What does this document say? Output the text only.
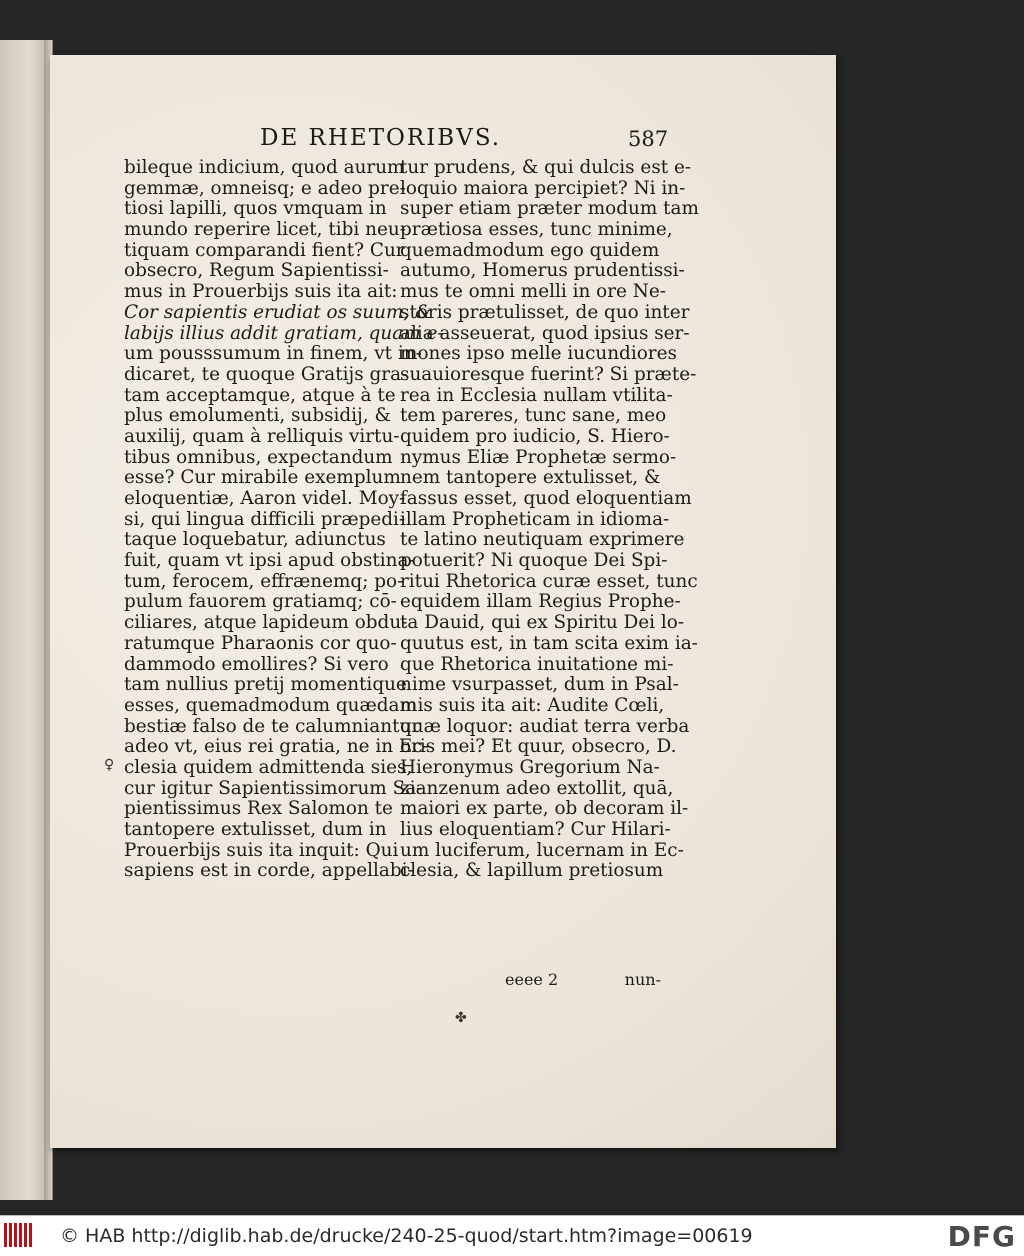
DE RHETORIBVS.	587
bileque indicium, quod aurum
gemmæ, omneisq; e adeo pre-
tiosi lapilli, quos vmquam in
mundo reperire licet, tibi neu-
tiquam comparandi fient? Cur
obsecro, Regum Sapientissi-
mus in Prouerbijs suis ita ait:
Cor sapientis erudiat os suum, &
labijs illius addit gratiam, quam e-
um pousssumum in finem, vt in-
dicaret, te quoque Gratijs gra-
tam acceptamque, atque à te
plus emolumenti, subsidij, &
auxilij, quam à relliquis virtu-
tibus omnibus, expectandum
esse? Cur mirabile exemplum
eloquentiæ, Aaron videl. Moy-
si, qui lingua difficili præpedi-
taque loquebatur, adiunctus
fuit, quam vt ipsi apud obstina-
tum, ferocem, effrænemq; po-
pulum fauorem gratiamq; cō-
ciliares, atque lapideum obdu-
ratumque Pharaonis cor quo-
dammodo emollires? Si vero
tam nullius pretij momentique
esses, quemadmodum quædam
bestiæ falso de te calumniantur
adeo vt, eius rei gratia, ne in Ec-
clesia quidem admittenda sies,
cur igitur Sapientissimorum Sa-
pientissimus Rex Salomon te
tantopere extulisset, dum in
Prouerbijs suis ita inquit: Qui
sapiens est in corde, appellabi-
tur prudens, & qui dulcis est e-
loquio maiora percipiet? Ni in-
super etiam præter modum tam
prætiosa esses, tunc minime,
quemadmodum ego quidem
autumo, Homerus prudentissi-
mus te omni melli in ore Ne-
storis prætulisset, de quo inter
alia asseuerat, quod ipsius ser-
mones ipso melle iucundiores
suauioresque fuerint? Si præte-
rea in Ecclesia nullam vtilita-
tem pareres, tunc sane, meo
quidem pro iudicio, S. Hiero-
nymus Eliæ Prophetæ sermo-
nem tantopere extulisset, &
fassus esset, quod eloquentiam
illam Propheticam in idioma-
te latino neutiquam exprimere
potuerit? Ni quoque Dei Spi-
ritui Rhetorica curæ esset, tunc
equidem illam Regius Prophe-
ta Dauid, qui ex Spiritu Dei lo-
quutus est, in tam scita exim ia-
que Rhetorica inuitatione mi-
nime vsurpasset, dum in Psal-
mis suis ita ait: Audite Cœli,
quæ loquor: audiat terra verba
oris mei? Et quur, obsecro, D.
Hieronymus Gregorium Na-
zianzenum adeo extollit, quā,
maiori ex parte, ob decoram il-
lius eloquentiam? Cur Hilari-
um luciferum, lucernam in Ec-
clesia, & lapillum pretiosum
♀
eeee 2	nun-
✤
© HAB http://diglib.hab.de/drucke/240-25-quod/start.htm?image=00619	DFG
